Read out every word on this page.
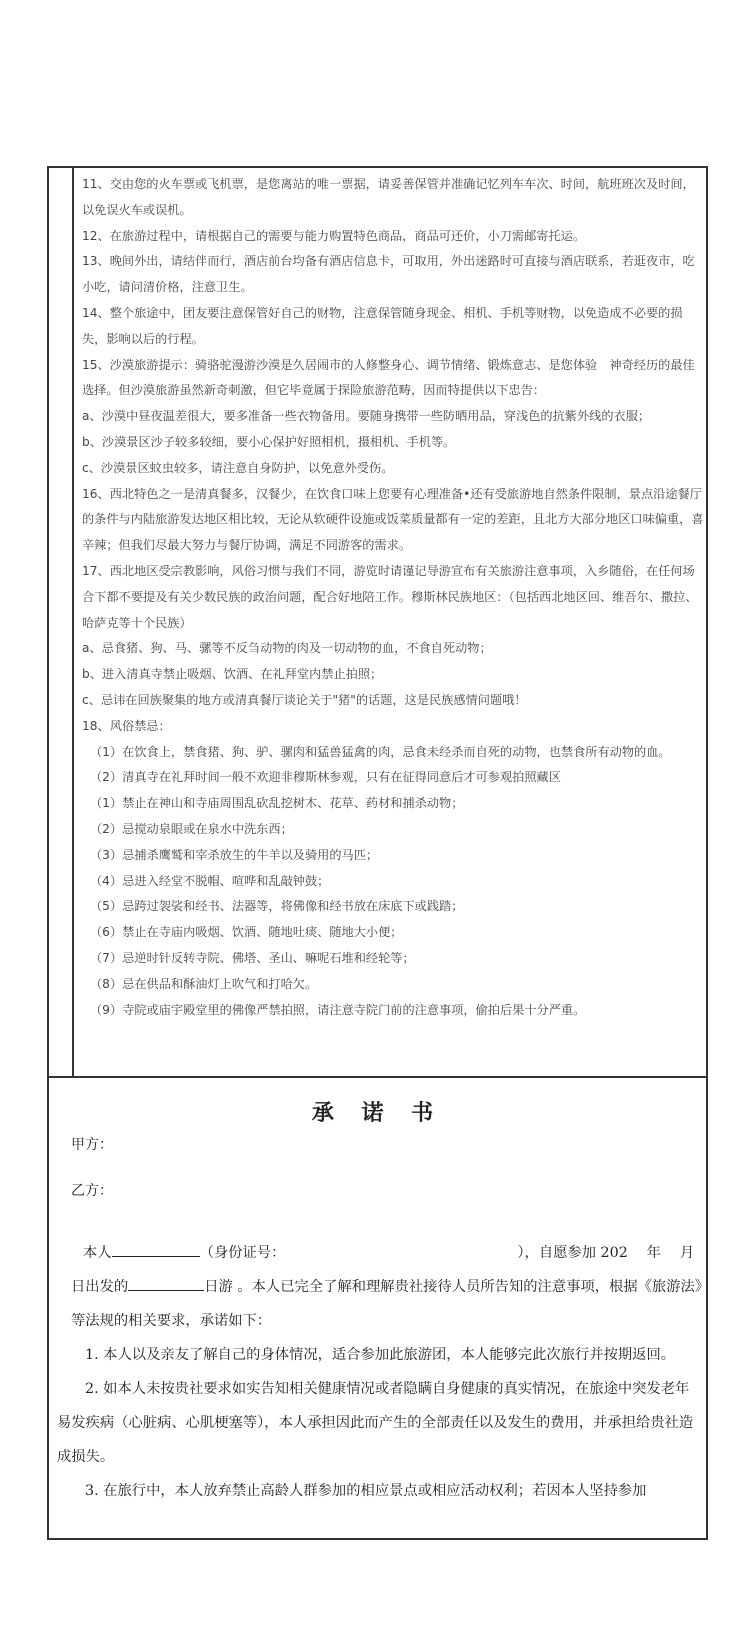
11、交由您的火车票或飞机票，是您离站的唯一票据，请妥善保管并准确记忆列车车次、时间，航班班次及时间，以免误火车或误机。

12、在旅游过程中，请根据自己的需要与能力购置特色商品，商品可还价，小刀需邮寄托运。

13、晚间外出，请结伴而行，酒店前台均备有酒店信息卡，可取用，外出迷路时可直接与酒店联系，若逛夜市，吃小吃，请问清价格，注意卫生。

14、整个旅途中，团友要注意保管好自己的财物，注意保管随身现金、相机、手机等财物，以免造成不必要的损失，影响以后的行程。

15、沙漠旅游提示：骑骆驼漫游沙漠是久居闹市的人修整身心、调节情绪、锻炼意志、是您体验　神奇经历的最佳选择。但沙漠旅游虽然新奇刺激，但它毕竟属于探险旅游范畴，因而特提供以下忠告：

a、沙漠中昼夜温差很大，要多准备一些衣物备用。要随身携带一些防晒用品，穿浅色的抗紫外线的衣服；

b、沙漠景区沙子较多较细，要小心保护好照相机，摄相机、手机等。

c、沙漠景区蚊虫较多，请注意自身防护，以免意外受伤。

16、西北特色之一是清真餐多，汉餐少，在饮食口味上您要有心理准备•还有受旅游地自然条件限制，景点沿途餐厅的条件与内陆旅游发达地区相比较，无论从软硬件设施或饭菜质量都有一定的差距，且北方大部分地区口味偏重，喜辛辣；但我们尽最大努力与餐厅协调，满足不同游客的需求。

17、西北地区受宗教影响，风俗习惯与我们不同，游览时请谨记导游宣布有关旅游注意事项，入乡随俗，在任何场合下都不要提及有关少数民族的政治问题，配合好地陪工作。穆斯林民族地区：（包括西北地区回、维吾尔、撒拉、哈萨克等十个民族）

a、忌食猪、狗、马、骡等不反刍动物的肉及一切动物的血，不食自死动物；

b、进入清真寺禁止吸烟、饮酒、在礼拜堂内禁止拍照；

c、忌讳在回族聚集的地方或清真餐厅谈论关于"猪"的话题，这是民族感情问题哦！

18、风俗禁忌：

（1）在饮食上，禁食猪、狗、驴、骡肉和猛兽猛禽的肉，忌食未经杀而自死的动物，也禁食所有动物的血。

（2）清真寺在礼拜时间一般不欢迎非穆斯林参观，只有在征得同意后才可参观拍照藏区

（1）禁止在神山和寺庙周围乱砍乱挖树木、花草、药材和捕杀动物；

（2）忌搅动泉眼或在泉水中洗东西；

（3）忌捕杀鹰鹫和宰杀放生的牛羊以及骑用的马匹；

（4）忌进入经堂不脱帽、喧哗和乱敲钟鼓；

（5）忌跨过袈裟和经书、法器等，将佛像和经书放在床底下或践踏；

（6）禁止在寺庙内吸烟、饮酒、随地吐痰、随地大小便；

（7）忌逆时针反转寺院、佛塔、圣山、嘛呢石堆和经轮等；

（8）忌在供品和酥油灯上吹气和打哈欠。

（9）寺院或庙宇殿堂里的佛像严禁拍照，请注意寺院门前的注意事项，偷拍后果十分严重。

承 诺 书
甲方：
乙方：

本人	（身份证号：	），自愿参加 202　 年　 月

日出发的	日游 。本人已完全了解和理解贵社接待人员所告知的注意事项，根据《旅游法》等法规的相关要求，承诺如下：

1. 本人以及亲友了解自己的身体情况，适合参加此旅游团，本人能够完此次旅行并按期返回。

2. 如本人未按贵社要求如实告知相关健康情况或者隐瞒自身健康的真实情况，在旅途中突发老年易发疾病（心脏病、心肌梗塞等），本人承担因此而产生的全部责任以及发生的费用，并承担给贵社造成损失。

3. 在旅行中，本人放弃禁止高龄人群参加的相应景点或相应活动权利；若因本人坚持参加
